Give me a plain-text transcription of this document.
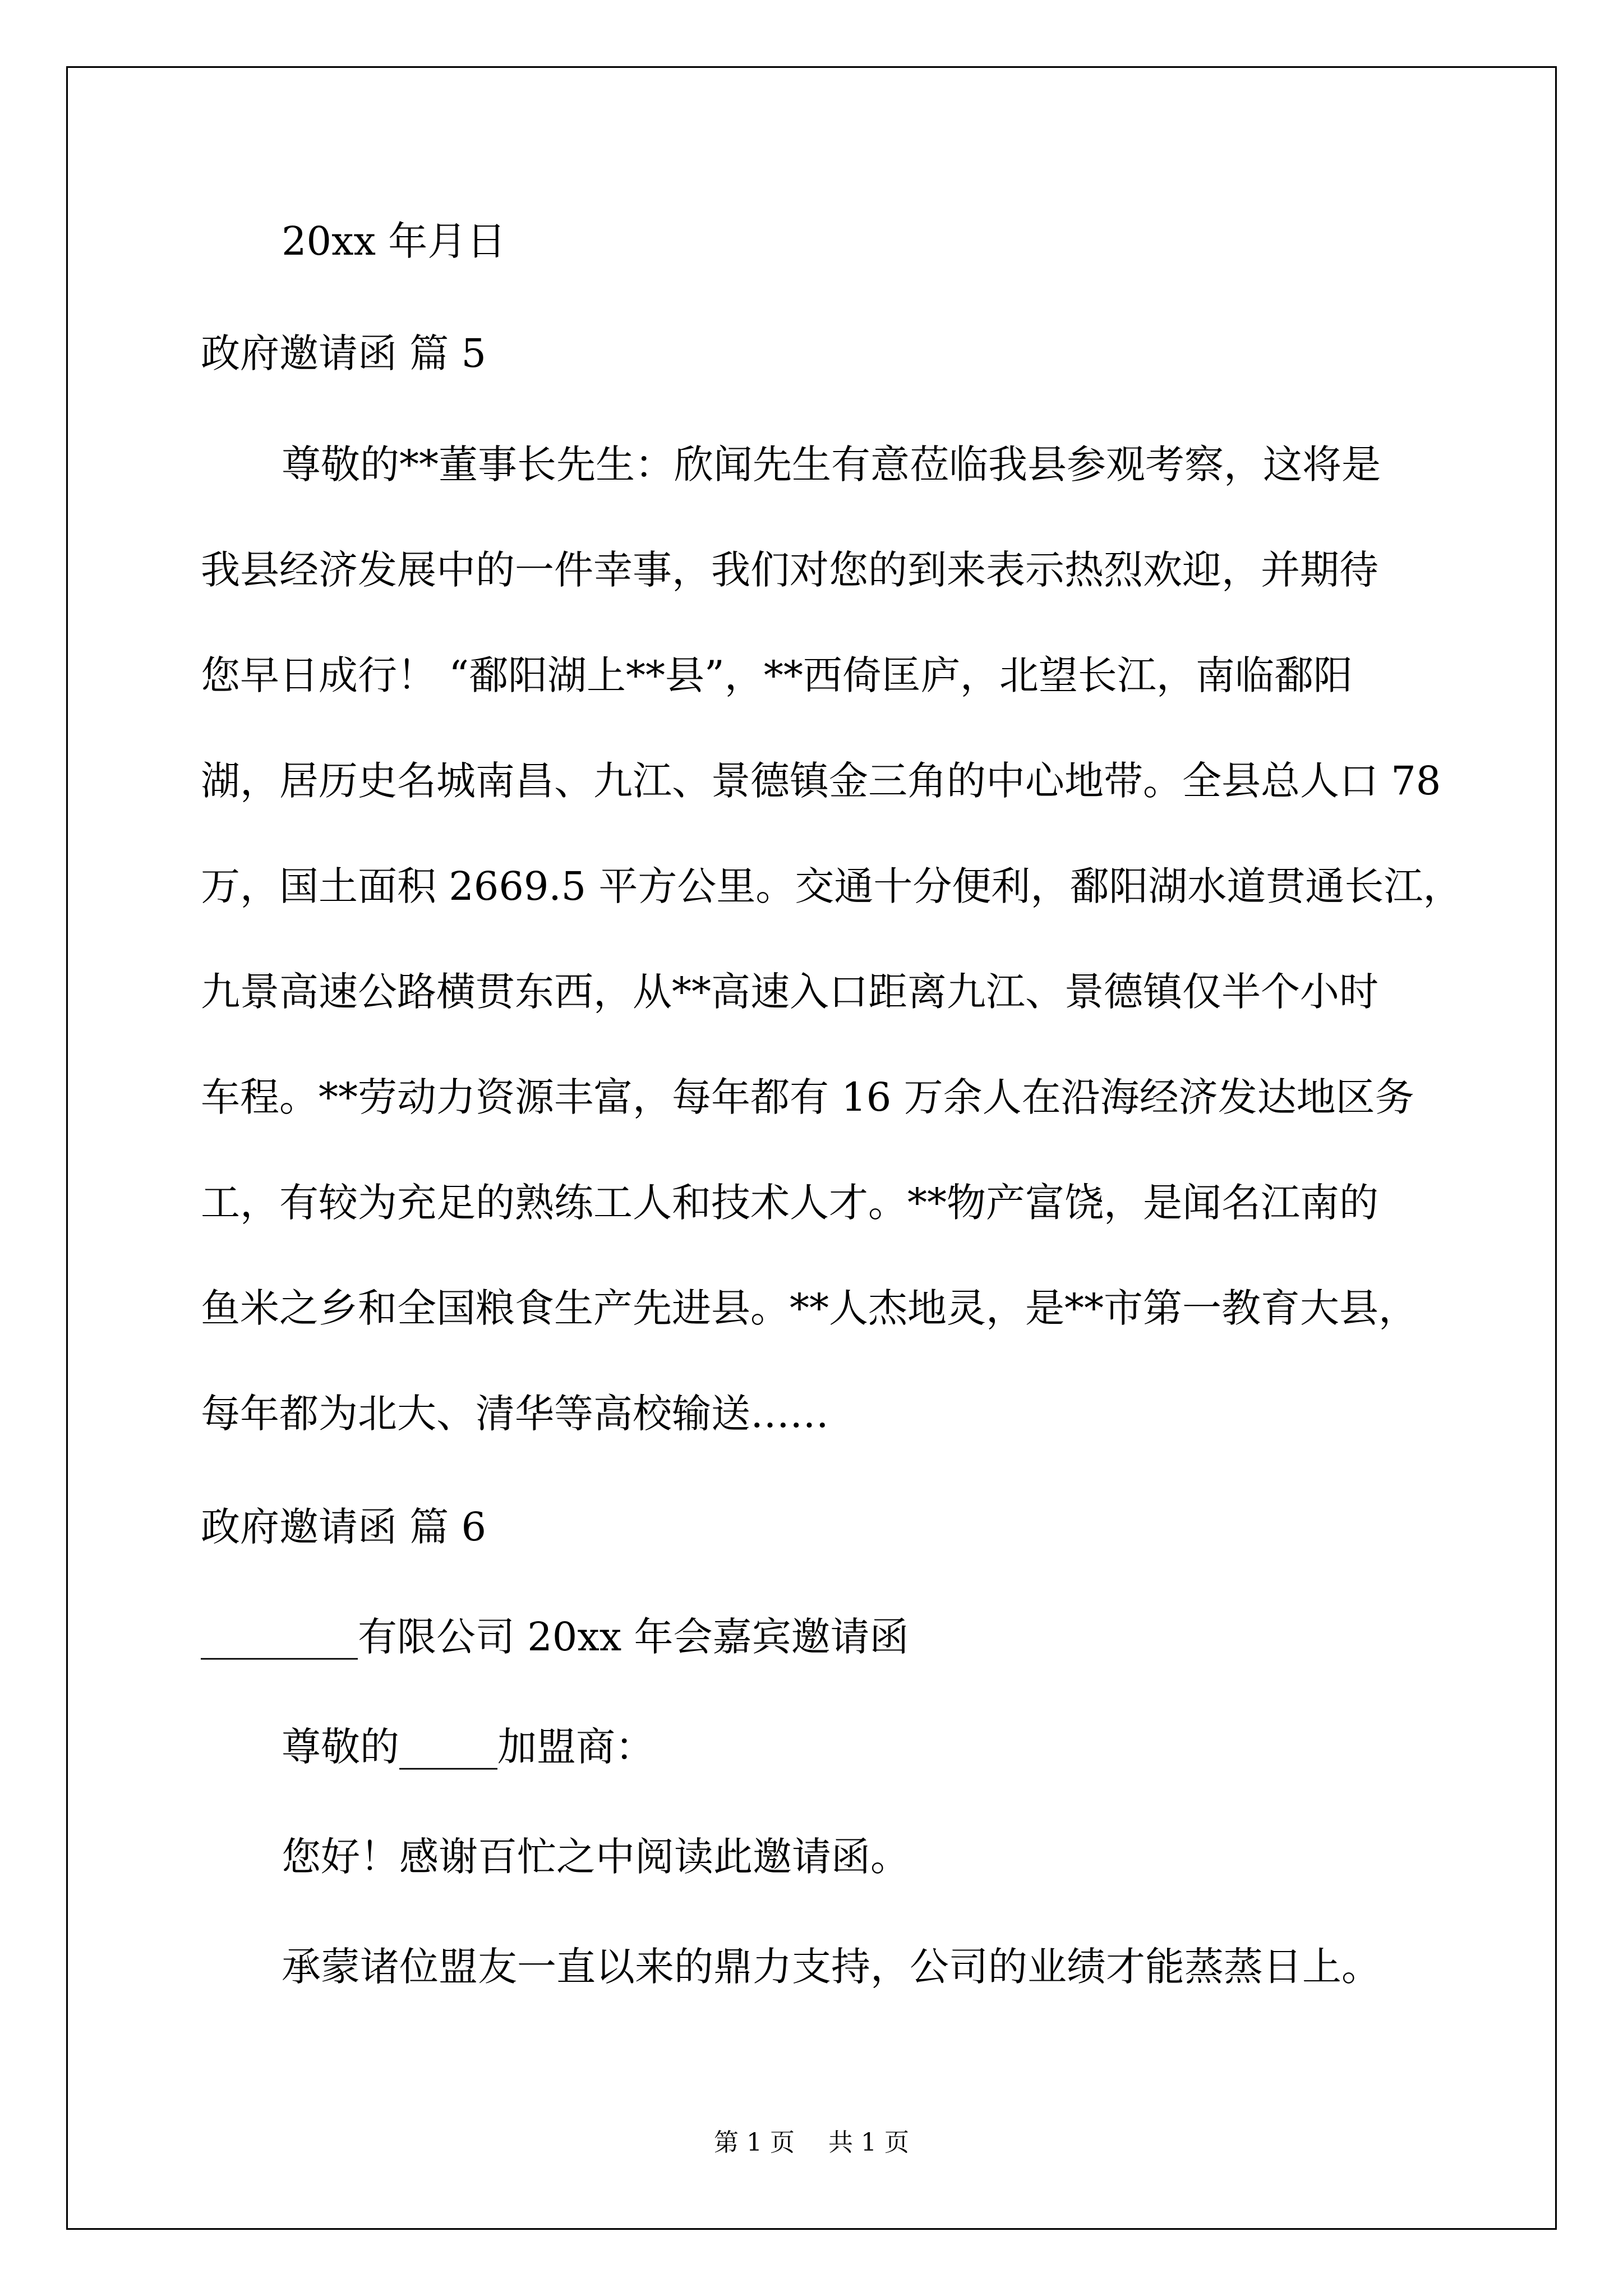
20xx 年月日
政府邀请函 篇 5
尊敬的**董事长先生：欣闻先生有意莅临我县参观考察，这将是
我县经济发展中的一件幸事，我们对您的到来表示热烈欢迎，并期待
您早日成行！ “鄱阳湖上**县”，**西倚匡庐，北望长江，南临鄱阳
湖，居历史名城南昌、九江、景德镇金三角的中心地带。全县总人口 78
万，国土面积 2669.5 平方公里。交通十分便利，鄱阳湖水道贯通长江，
九景高速公路横贯东西，从**高速入口距离九江、景德镇仅半个小时
车程。**劳动力资源丰富，每年都有 16 万余人在沿海经济发达地区务
工，有较为充足的熟练工人和技术人才。**物产富饶，是闻名江南的
鱼米之乡和全国粮食生产先进县。**人杰地灵，是**市第一教育大县，
每年都为北大、清华等高校输送……
政府邀请函 篇 6
________有限公司 20xx 年会嘉宾邀请函
尊敬的_____加盟商：
您好！感谢百忙之中阅读此邀请函。
承蒙诸位盟友一直以来的鼎力支持，公司的业绩才能蒸蒸日上。
第 1 页 共 1 页
